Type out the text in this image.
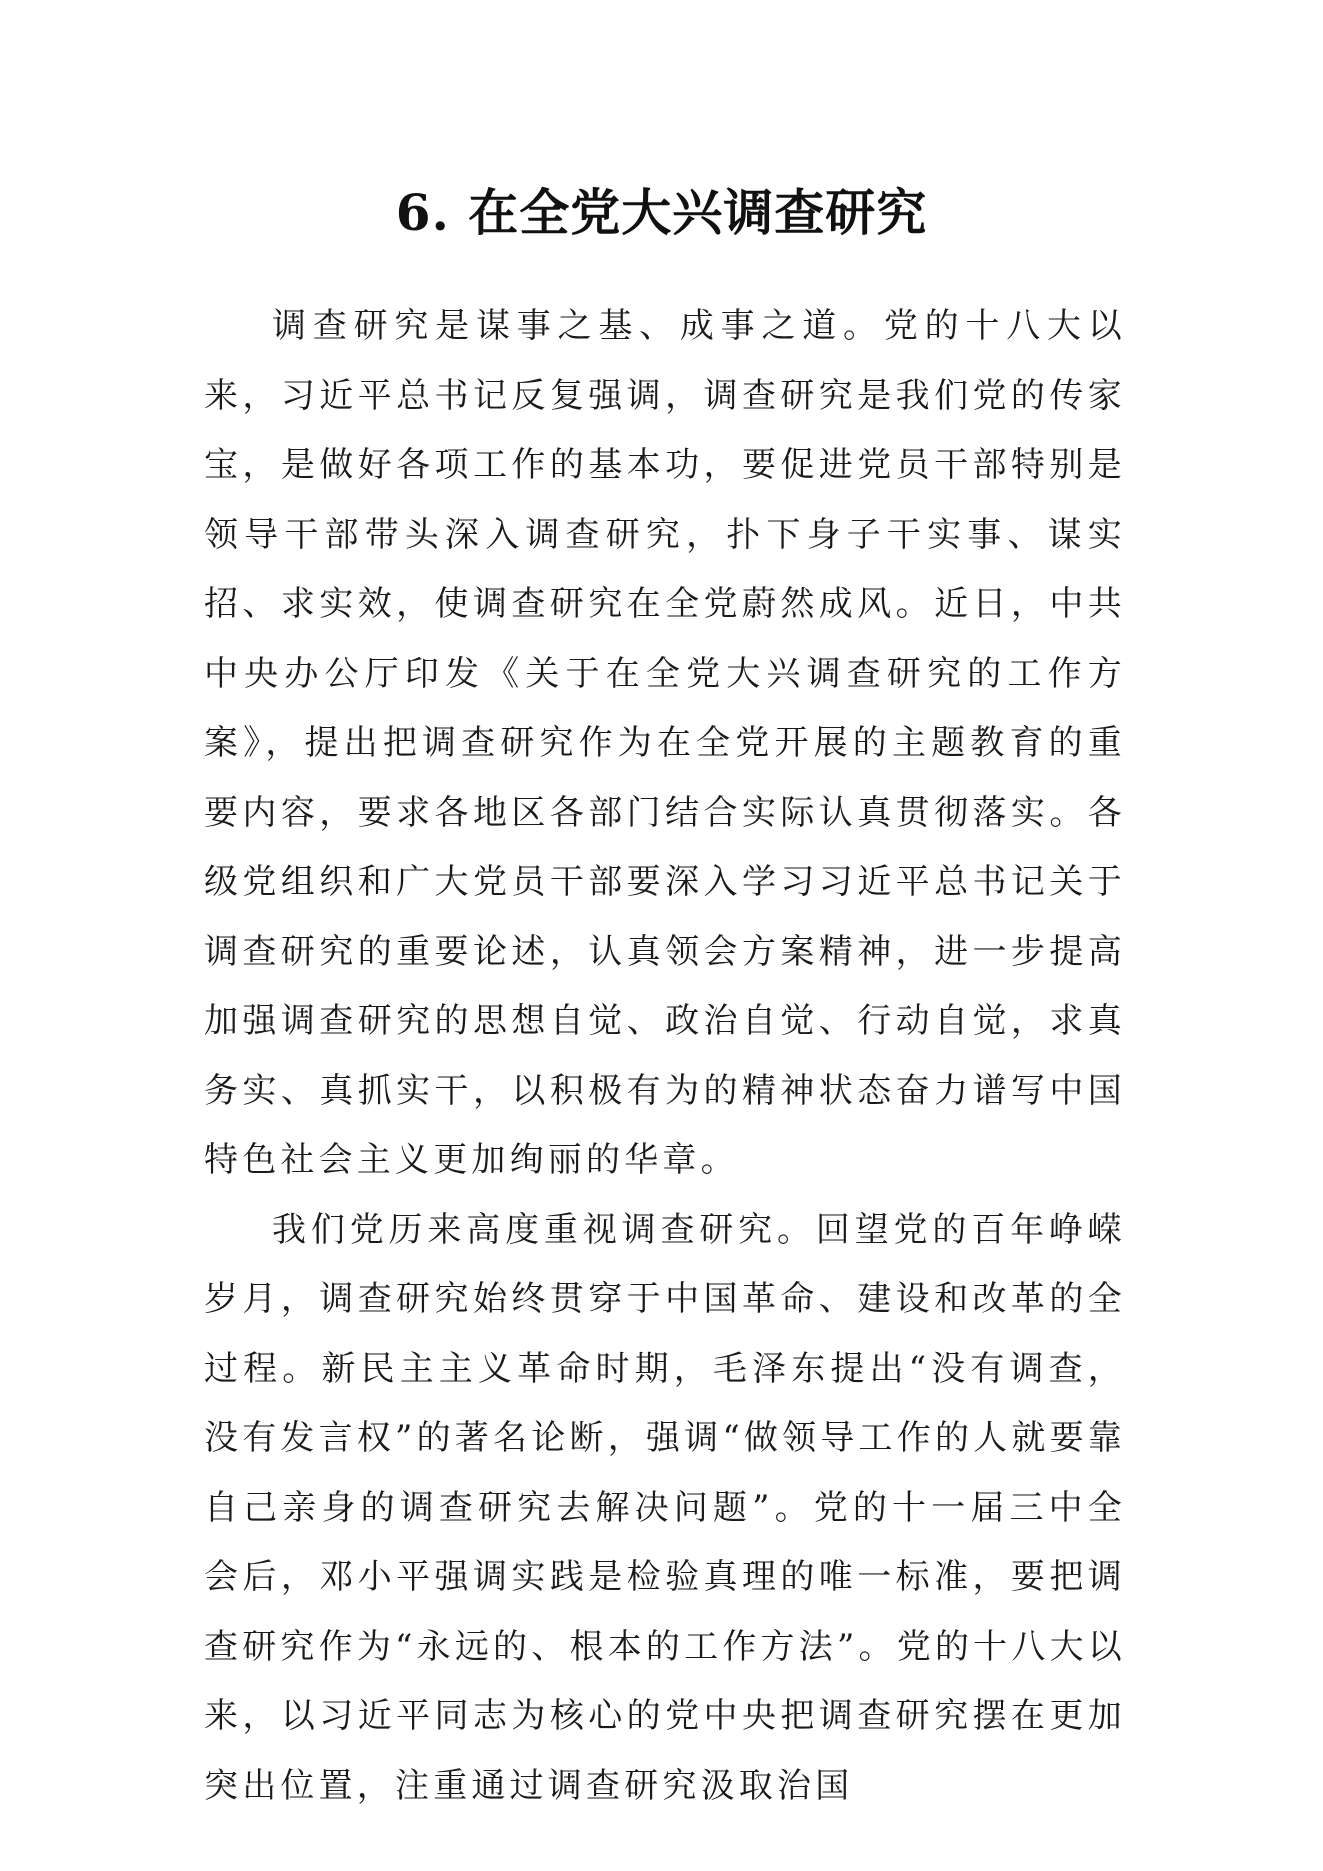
6. 在全党大兴调查研究

调查研究是谋事之基、成事之道。党的十八大以来，习近平总书记反复强调，调查研究是我们党的传家宝，是做好各项工作的基本功，要促进党员干部特别是领导干部带头深入调查研究，扑下身子干实事、谋实招、求实效，使调查研究在全党蔚然成风。近日，中共中央办公厅印发《关于在全党大兴调查研究的工作方案》，提出把调查研究作为在全党开展的主题教育的重要内容，要求各地区各部门结合实际认真贯彻落实。各级党组织和广大党员干部要深入学习习近平总书记关于调查研究的重要论述，认真领会方案精神，进一步提高加强调查研究的思想自觉、政治自觉、行动自觉，求真务实、真抓实干，以积极有为的精神状态奋力谱写中国特色社会主义更加绚丽的华章。

我们党历来高度重视调查研究。回望党的百年峥嵘岁月，调查研究始终贯穿于中国革命、建设和改革的全过程。新民主主义革命时期，毛泽东提出“没有调查，没有发言权”的著名论断，强调“做领导工作的人就要靠自己亲身的调查研究去解决问题”。党的十一届三中全会后，邓小平强调实践是检验真理的唯一标准，要把调查研究作为“永远的、根本的工作方法”。党的十八大以来，以习近平同志为核心的党中央把调查研究摆在更加突出位置，注重通过调查研究汲取治国
